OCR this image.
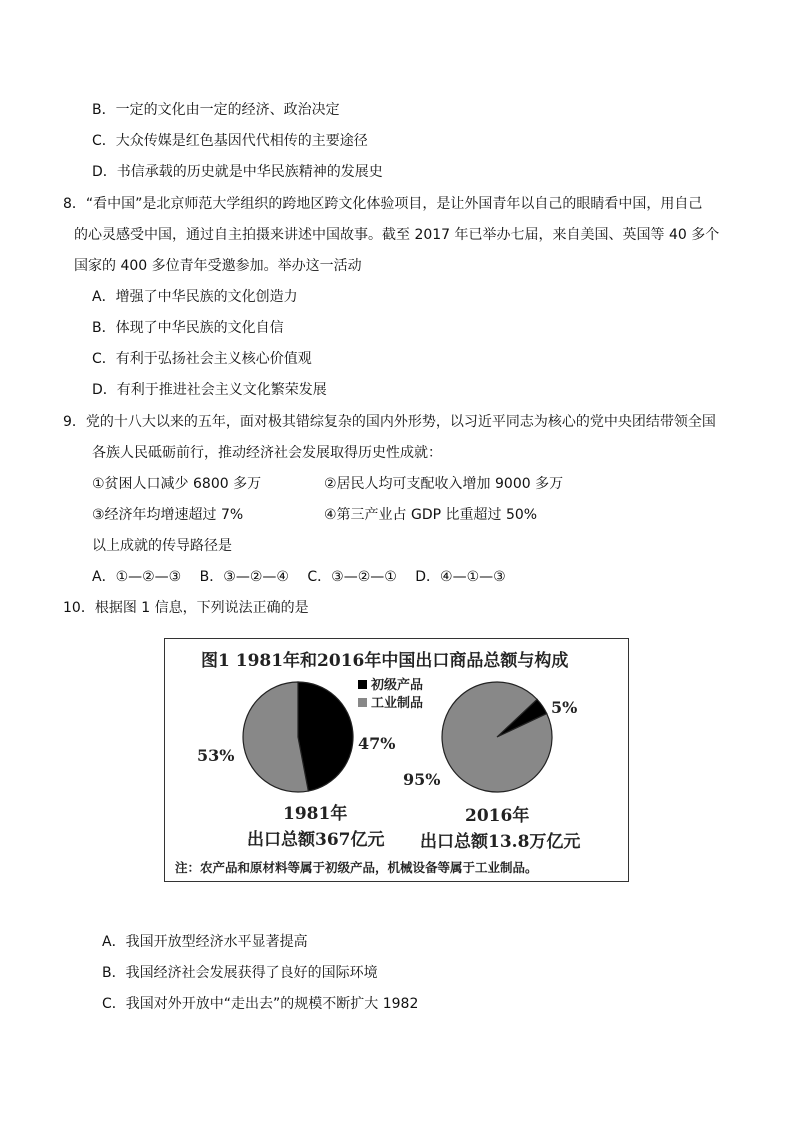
B．一定的文化由一定的经济、政治决定
C．大众传媒是红色基因代代相传的主要途径
D．书信承载的历史就是中华民族精神的发展史
8．“看中国”是北京师范大学组织的跨地区跨文化体验项目，是让外国青年以自己的眼睛看中国，用自己
的心灵感受中国，通过自主拍摄来讲述中国故事。截至 2017 年已举办七届，来自美国、英国等 40 多个
国家的 400 多位青年受邀参加。举办这一活动
A．增强了中华民族的文化创造力
B．体现了中华民族的文化自信
C．有利于弘扬社会主义核心价值观
D．有利于推进社会主义文化繁荣发展
9．党的十八大以来的五年，面对极其错综复杂的国内外形势，以习近平同志为核心的党中央团结带领全国
各族人民砥砺前行，推动经济社会发展取得历史性成就：
①贫困人口减少 6800 多万	②居民人均可支配收入增加 9000 多万
③经济年均增速超过 7%	④第三产业占 GDP 比重超过 50%
以上成就的传导路径是
A．①—②—③　 B．③—②—④　 C．③—②—①　 D．④—①—③
10．根据图 1 信息，下列说法正确的是
图1 1981年和2016年中国出口商品总额与构成
初级产品
工业制品
47%
53%
1981年
出口总额367亿元
5%
95%
2016年
出口总额13.8万亿元
注：农产品和原材料等属于初级产品，机械设备等属于工业制品。
A．我国开放型经济水平显著提高
B．我国经济社会发展获得了良好的国际环境
C．我国对外开放中“走出去”的规模不断扩大 1982
